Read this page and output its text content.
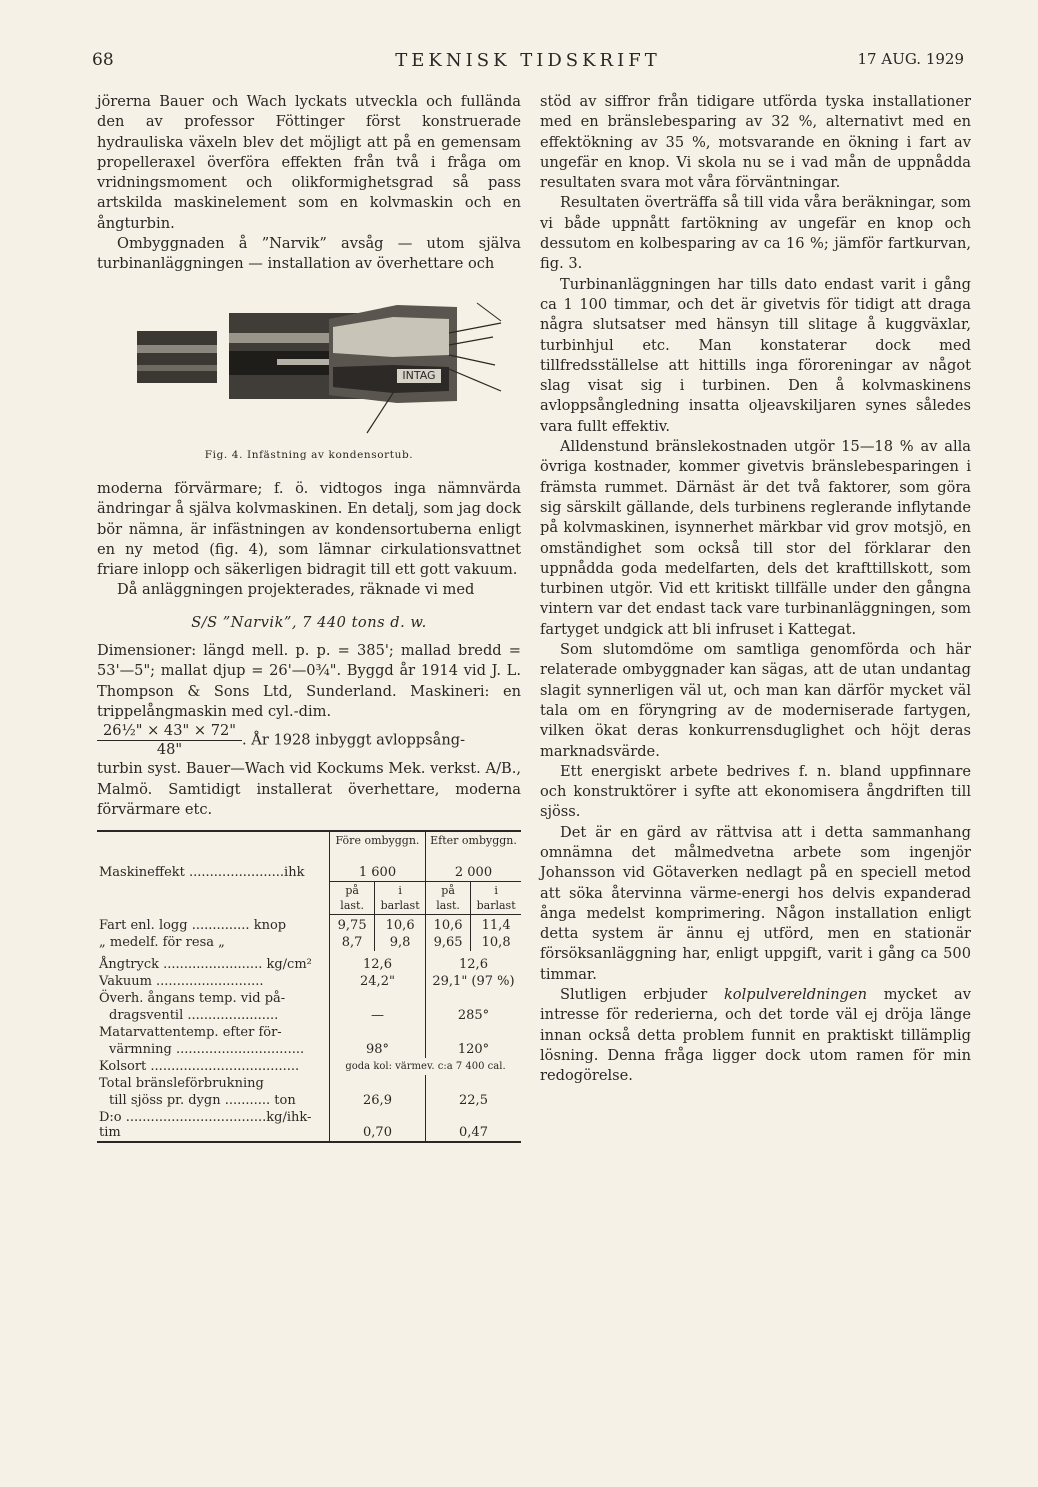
68	TEKNISK TIDSKRIFT	17 AUG. 1929

jörerna Bauer och Wach lyckats utveckla och fulländа den av professor Föttinger först konstruerade hydrauliska växeln blev det möjligt att på en gemensam propelleraxel överföra effekten från två i fråga om vridningsmoment och olikformighetsgrad så pass artskilda maskinelement som en kolvmaskin och en ångturbin.

Ombyggnaden å ”Narvik” avsåg — utom själva turbinanläggningen — installation av överhettare och

INTAG
Fig. 4. Infästning av kondensortub.

moderna förvärmare; f. ö. vidtogos inga nämnvärda ändringar å själva kolvmaskinen. En detalj, som jag dock bör nämna, är infästningen av kondensortuberna enligt en ny metod (fig. 4), som lämnar cirkulationsvattnet friare inlopp och säkerligen bidragit till ett gott vakuum.

Då anläggningen projekterades, räknade vi med

S/S ”Narvik”, 7 440 tons d. w.

Dimensioner: längd mell. p. p. = 385'; mallad bredd = 53'—5"; mallat djup = 26'—0¾". Byggd år 1914 vid J. L. Thompson & Sons Ltd, Sunderland. Maskineri: en trippelångmaskin med cyl.-dim.

$\frac{\text{26½" × 43" × 72"}}{48"}$ . År 1928 inbyggt avloppsång-

turbin syst. Bauer—Wach vid Kockums Mek. verkst. A/B., Malmö. Samtidigt installerat överhettare, moderna förvärmare etc.

	Före ombyggn.		Efter ombyggn.	
Maskineffekt .......................ihk	1 600		2 000	
	på last.	i barlast	på last.	i barlast
Fart enl. logg .............. knop	9,75	10,6	10,6	11,4
„ medelf. för resa „	8,7	9,8	9,65	10,8
Ångtryck ........................ kg/cm²	12,6		12,6	
Vakuum ..........................	24,2"		29,1" (97 %)	
Överh. ångans temp. vid på-				
dragsventil ......................	—		285°	
Matarvattentemp. efter för-				
värmning ...............................	98°		120°	
Kolsort ....................................	goda kol: värmev. c:a 7 400 cal.			
Total bränsleförbrukning				
till sjöss pr. dygn ........... ton	26,9		22,5	
D:o ..................................kg/ihk-tim	0,70		0,47	

stöd av siffror från tidigare utförda tyska installationer med en bränslebesparing av 32 %, alternativt med en effektökning av 35 %, motsvarande en ökning i fart av ungefär en knop. Vi skola nu se i vad mån de uppnådda resultaten svara mot våra förväntningar.

Resultaten överträffa så till vida våra beräkningar, som vi både uppnått fartökning av ungefär en knop och dessutom en kolbesparing av ca 16 %; jämför fartkurvan, fig. 3.

Turbinanläggningen har tills dato endast varit i gång ca 1 100 timmar, och det är givetvis för tidigt att draga några slutsatser med hänsyn till slitage å kuggväxlar, turbinhjul etc. Man konstaterar dock med tillfredsställelse att hittills inga föroreningar av något slag visat sig i turbinen. Den å kolvmaskinens avloppsångledning insatta oljeavskiljaren synes således vara fullt effektiv.

Alldenstund bränslekostnaden utgör 15—18 % av alla övriga kostnader, kommer givetvis bränslebesparingen i främsta rummet. Därnäst är det två faktorer, som göra sig särskilt gällande, dels turbinens reglerande inflytande på kolvmaskinen, isynnerhet märkbar vid grov motsjö, en omständighet som också till stor del förklarar den uppnådda goda medelfarten, dels det krafttillskott, som turbinen utgör. Vid ett kritiskt tillfälle under den gångna vintern var det endast tack vare turbinanläggningen, som fartyget undgick att bli infruset i Kattegat.

Som slutomdöme om samtliga genomförda och här relaterade ombyggnader kan sägas, att de utan undantag slagit synnerligen väl ut, och man kan därför mycket väl tala om en föryngring av de moderniserade fartygen, vilken ökat deras konkurrensduglighet och höjt deras marknadsvärde.

Ett energiskt arbete bedrives f. n. bland uppfinnare och konstruktörer i syfte att ekonomisera ångdriften till sjöss.

Det är en gärd av rättvisa att i detta sammanhang omnämna det målmedvetna arbete som ingenjör Johansson vid Götaverken nedlagt på en speciell metod att söka återvinna värme-energi hos delvis expanderad ånga medelst komprimering. Någon installation enligt detta system är ännu ej utförd, men en stationär försöksanläggning har, enligt uppgift, varit i gång ca 500 timmar.

Slutligen erbjuder kolpulvereldningen mycket av intresse för rederierna, och det torde väl ej dröja länge innan också detta problem funnit en praktiskt tillämplig lösning. Denna fråga ligger dock utom ramen för min redogörelse.
